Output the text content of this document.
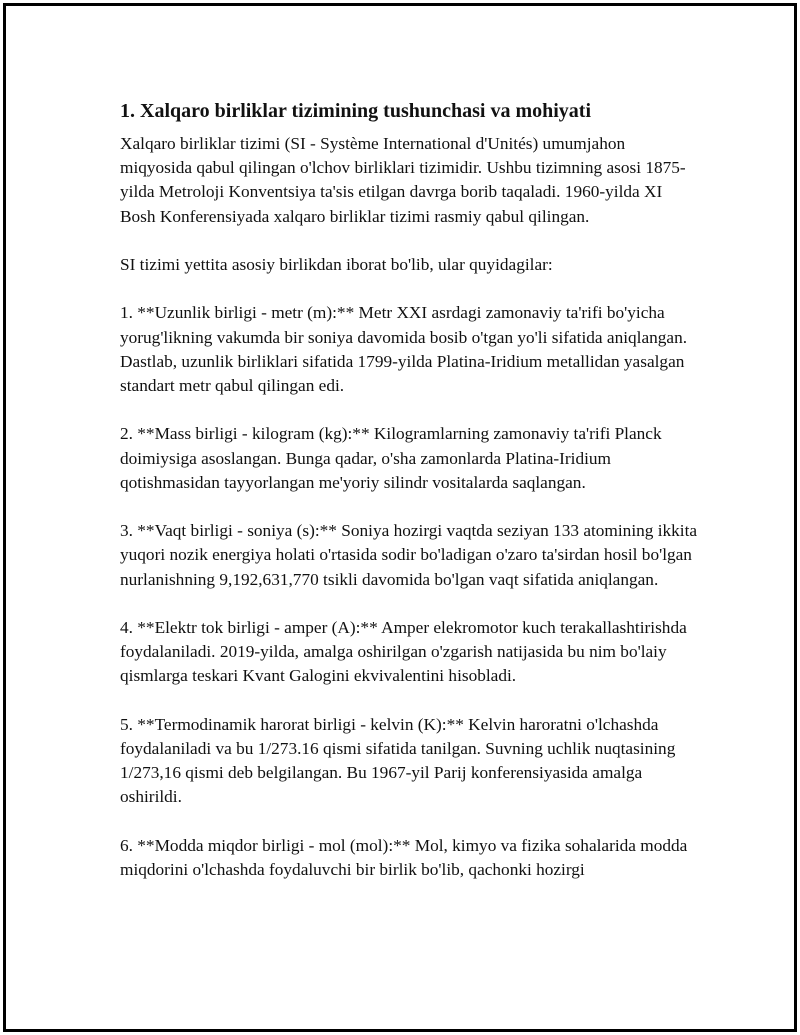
1. Xalqaro birliklar tizimining tushunchasi va mohiyati

Xalqaro birliklar tizimi (SI - Système International d'Unités) umumjahon miqyosida qabul qilingan o'lchov birliklari tizimidir. Ushbu tizimning asosi 1875-yilda Metroloji Konventsiya ta'sis etilgan davrga borib taqaladi. 1960-yilda XI Bosh Konferensiyada xalqaro birliklar tizimi rasmiy qabul qilingan.

SI tizimi yettita asosiy birlikdan iborat bo'lib, ular quyidagilar:

1. **Uzunlik birligi - metr (m):** Metr XXI asrdagi zamonaviy ta'rifi bo'yicha yorug'likning vakumda bir soniya davomida bosib o'tgan yo'li sifatida aniqlangan. Dastlab, uzunlik birliklari sifatida 1799-yilda Platina-Iridium metallidan yasalgan standart metr qabul qilingan edi.

2. **Mass birligi - kilogram (kg):** Kilogramlarning zamonaviy ta'rifi Planck doimiysiga asoslangan. Bunga qadar, o'sha zamonlarda Platina-Iridium qotishmasidan tayyorlangan me'yoriy silindr vositalarda saqlangan.

3. **Vaqt birligi - soniya (s):** Soniya hozirgi vaqtda seziyan 133 atomining ikkita yuqori nozik energiya holati o'rtasida sodir bo'ladigan o'zaro ta'sirdan hosil bo'lgan nurlanishning 9,192,631,770 tsikli davomida bo'lgan vaqt sifatida aniqlangan.

4. **Elektr tok birligi - amper (A):** Amper elekromotor kuch terakallashtirishda foydalaniladi. 2019-yilda, amalga oshirilgan o'zgarish natijasida bu nim bo'laiy qismlarga teskari Kvant Galogini ekvivalentini hisobladi.

5. **Termodinamik harorat birligi - kelvin (K):** Kelvin haroratni o'lchashda foydalaniladi va bu 1/273.16 qismi sifatida tanilgan. Suvning uchlik nuqtasining 1/273,16 qismi deb belgilangan. Bu 1967-yil Parij konferensiyasida amalga oshirildi.

6. **Modda miqdor birligi - mol (mol):** Mol, kimyo va fizika sohalarida modda miqdorini o'lchashda foydaluvchi bir birlik bo'lib, qachonki hozirgi
